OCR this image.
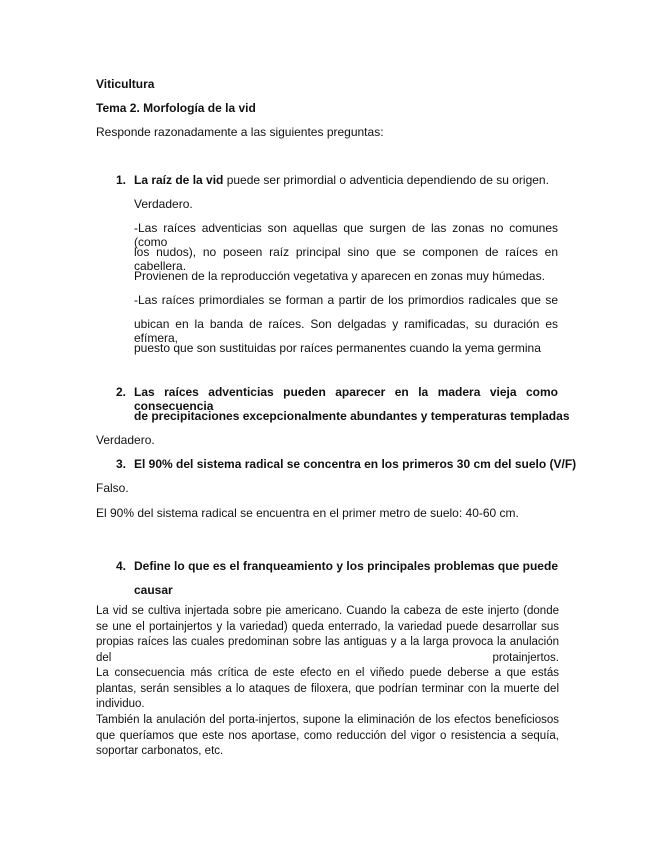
Viticultura
Tema 2. Morfología de la vid
Responde razonadamente a las siguientes preguntas:
1. La raíz de la vid puede ser primordial o adventicia dependiendo de su origen.
Verdadero.
-Las raíces adventicias son aquellas que surgen de las zonas no comunes (como
los nudos), no poseen raíz principal sino que se componen de raíces en cabellera.
Provienen de la reproducción vegetativa y aparecen en zonas muy húmedas.
-Las raíces primordiales se forman a partir de los primordios radicales que se
ubican en la banda de raíces. Son delgadas y ramificadas, su duración es efímera,
puesto que son sustituidas por raíces permanentes cuando la yema germina
2. Las raíces adventicias pueden aparecer en la madera vieja como consecuencia
de precipitaciones excepcionalmente abundantes y temperaturas templadas
Verdadero.
3. El 90% del sistema radical se concentra en los primeros 30 cm del suelo (V/F)
Falso.
El 90% del sistema radical se encuentra en el primer metro de suelo: 40-60 cm.
4. Define lo que es el franqueamiento y los principales problemas que puede
causar
La vid se cultiva injertada sobre pie americano. Cuando la cabeza de este injerto (donde se une el portainjertos y la variedad) queda enterrado, la variedad puede desarrollar sus propias raíces las cuales predominan sobre las antiguas y a la larga provoca la anulación del protainjertos.
La consecuencia más crítica de este efecto en el viñedo puede deberse a que estás plantas, serán sensibles a lo ataques de filoxera, que podrían terminar con la muerte del individuo.
También la anulación del porta-injertos, supone la eliminación de los efectos beneficiosos que queríamos que este nos aportase, como reducción del vigor o resistencia a sequía, soportar carbonatos, etc.
